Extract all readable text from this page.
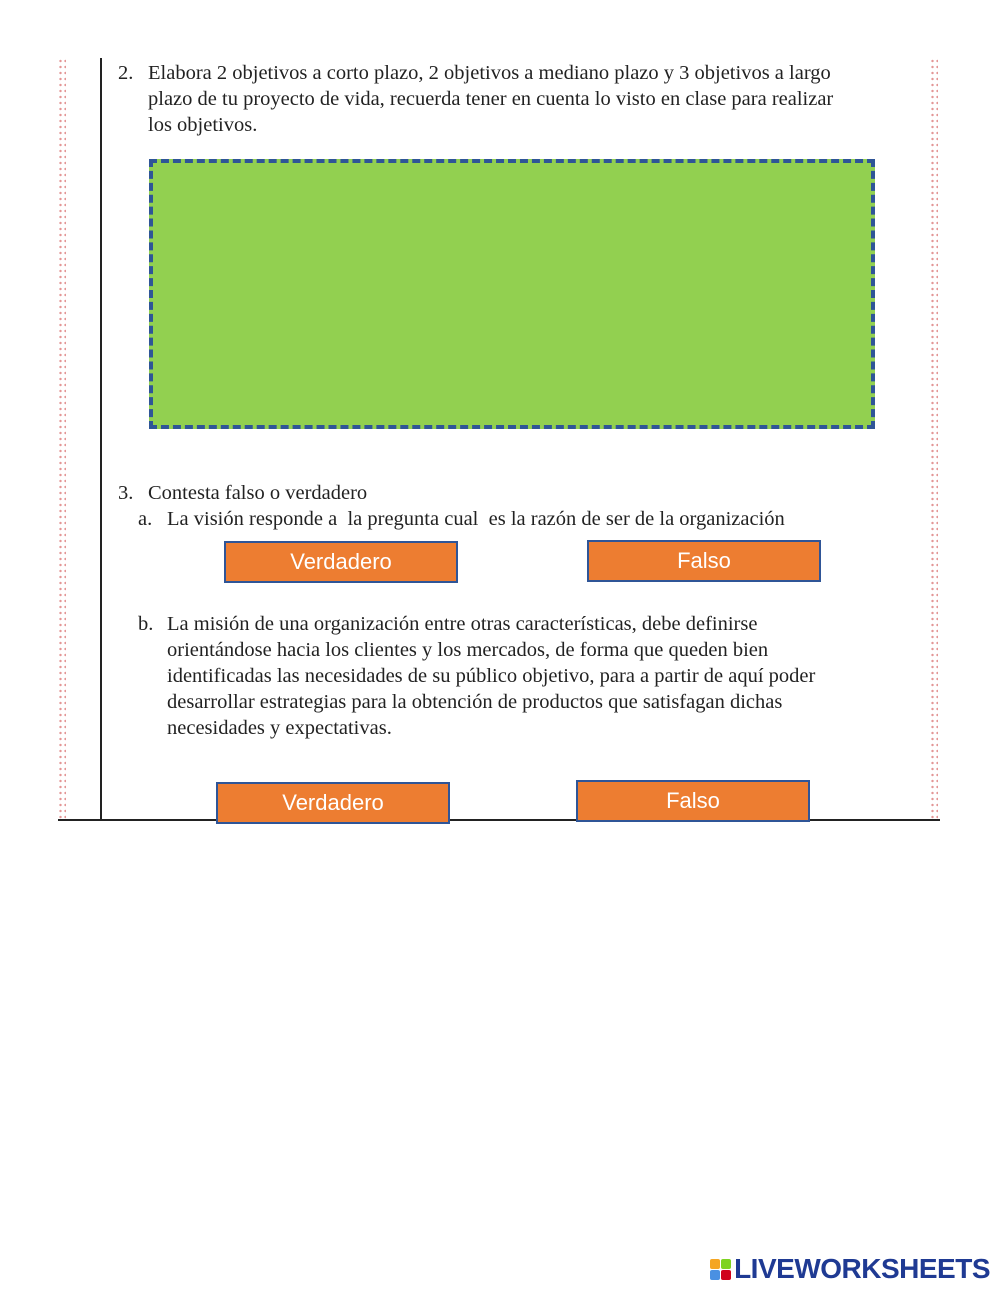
2. Elabora 2 objetivos a corto plazo, 2 objetivos a mediano plazo y 3 objetivos a largo
plazo de tu proyecto de vida, recuerda tener en cuenta lo visto en clase para realizar
los objetivos.
3. Contesta falso o verdadero
a. La visión responde a  la pregunta cual  es la razón de ser de la organización
Verdadero	Falso
b. La misión de una organización entre otras características, debe definirse
orientándose hacia los clientes y los mercados, de forma que queden bien
identificadas las necesidades de su público objetivo, para a partir de aquí poder
desarrollar estrategias para la obtención de productos que satisfagan dichas
necesidades y expectativas.
Verdadero	Falso
LIVEWORKSHEETS
